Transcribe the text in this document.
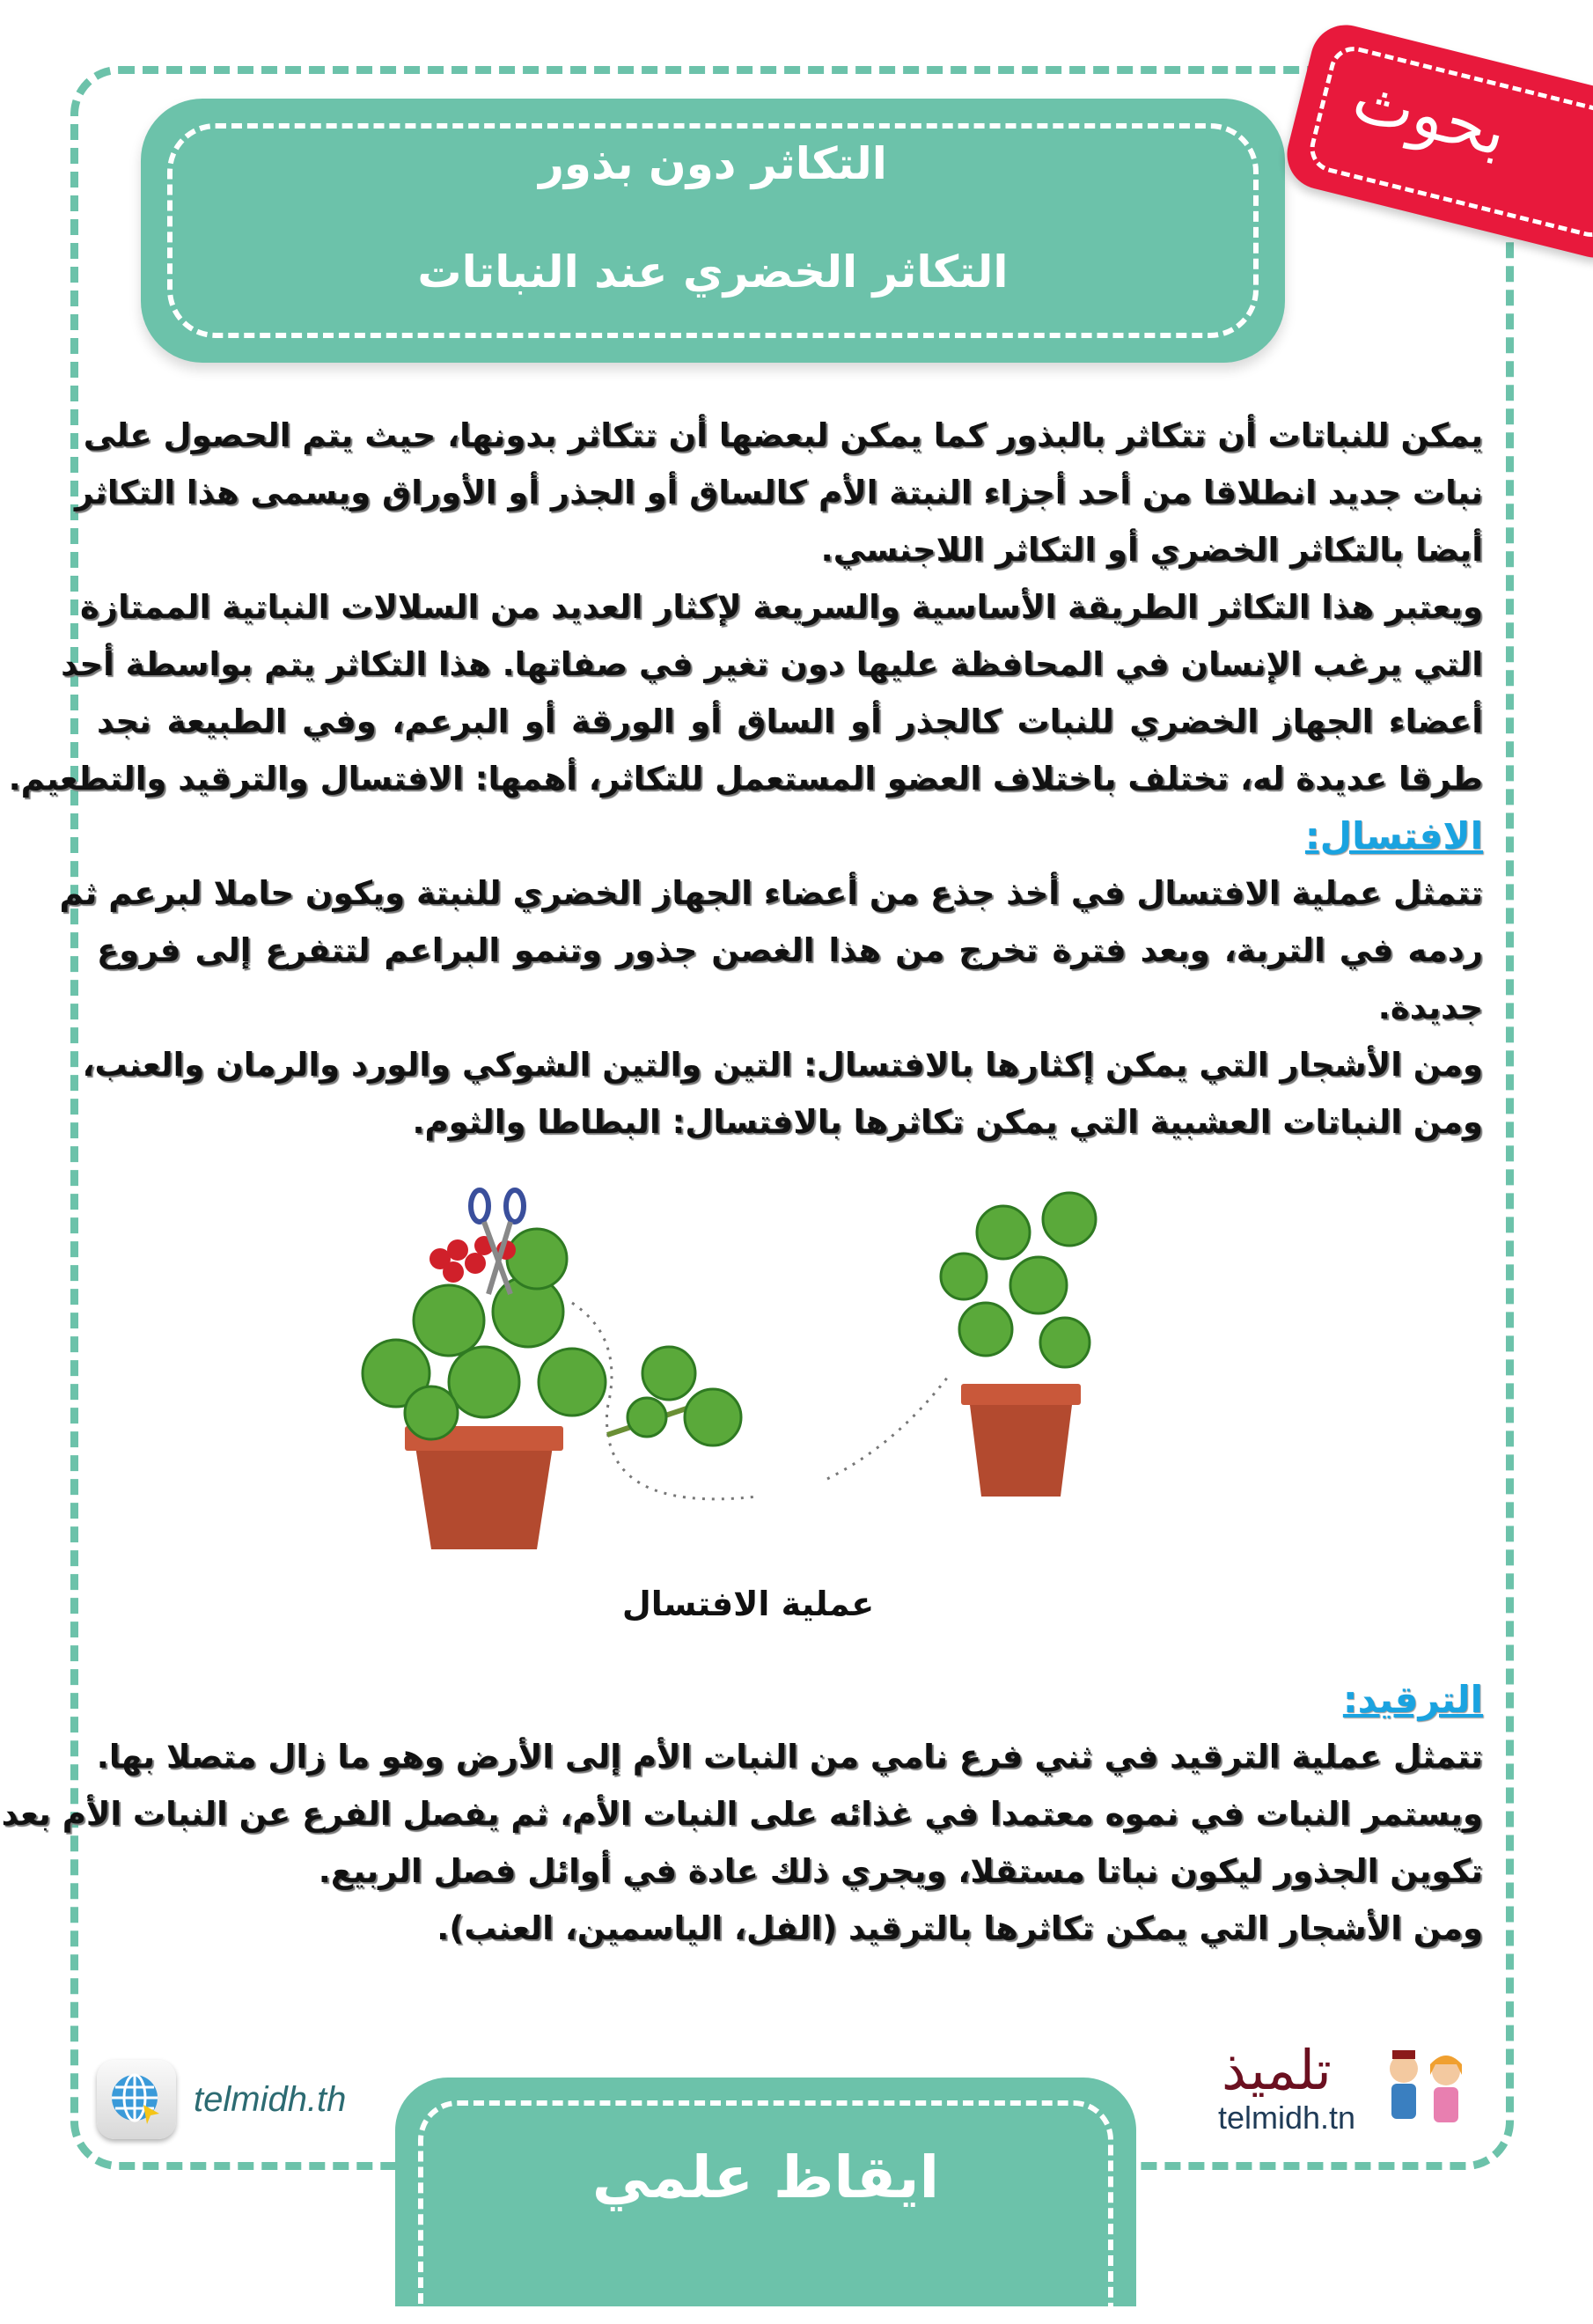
التكاثر دون بذور
التكاثر الخضري عند النباتات
بحوث
يمكن للنباتات أن تتكاثر بالبذور كما يمكن لبعضها أن تتكاثر بدونها، حيث يتم الحصول على
نبات جديد انطلاقا من أحد أجزاء النبتة الأم كالساق أو الجذر أو الأوراق ويسمى هذا التكاثر
أيضا بالتكاثر الخضري أو التكاثر اللاجنسي.
ويعتبر هذا التكاثر الطريقة الأساسية والسريعة لإكثار العديد من السلالات النباتية الممتازة
التي يرغب الإنسان في المحافظة عليها دون تغير في صفاتها. هذا التكاثر يتم بواسطة أحد
أعضاء الجهاز الخضري للنبات كالجذر أو الساق أو الورقة أو البرعم، وفي الطبيعة نجد
طرقا عديدة له، تختلف باختلاف العضو المستعمل للتكاثر، أهمها: الافتسال والترقيد والتطعيم.
الافتسال:
تتمثل عملية الافتسال في أخذ جذع من أعضاء الجهاز الخضري للنبتة ويكون حاملا لبرعم ثم
ردمه في التربة، وبعد فترة تخرج من هذا الغصن جذور وتنمو البراعم لتتفرع إلى فروع
جديدة.
ومن الأشجار التي يمكن إكثارها بالافتسال: التين والتين الشوكي والورد والرمان والعنب،
ومن النباتات العشبية التي يمكن تكاثرها بالافتسال: البطاطا والثوم.
عملية الافتسال
الترقيد:
تتمثل عملية الترقيد في ثني فرع نامي من النبات الأم إلى الأرض وهو ما زال متصلا بها.
ويستمر النبات في نموه معتمدا في غذائه على النبات الأم، ثم يفصل الفرع عن النبات الأم بعد
تكوين الجذور ليكون نباتا مستقلا، ويجري ذلك عادة في أوائل فصل الربيع.
ومن الأشجار التي يمكن تكاثرها بالترقيد (الفل، الياسمين، العنب).
telmidh.th
ايقاظ علمي
تلميذ
telmidh.tn
